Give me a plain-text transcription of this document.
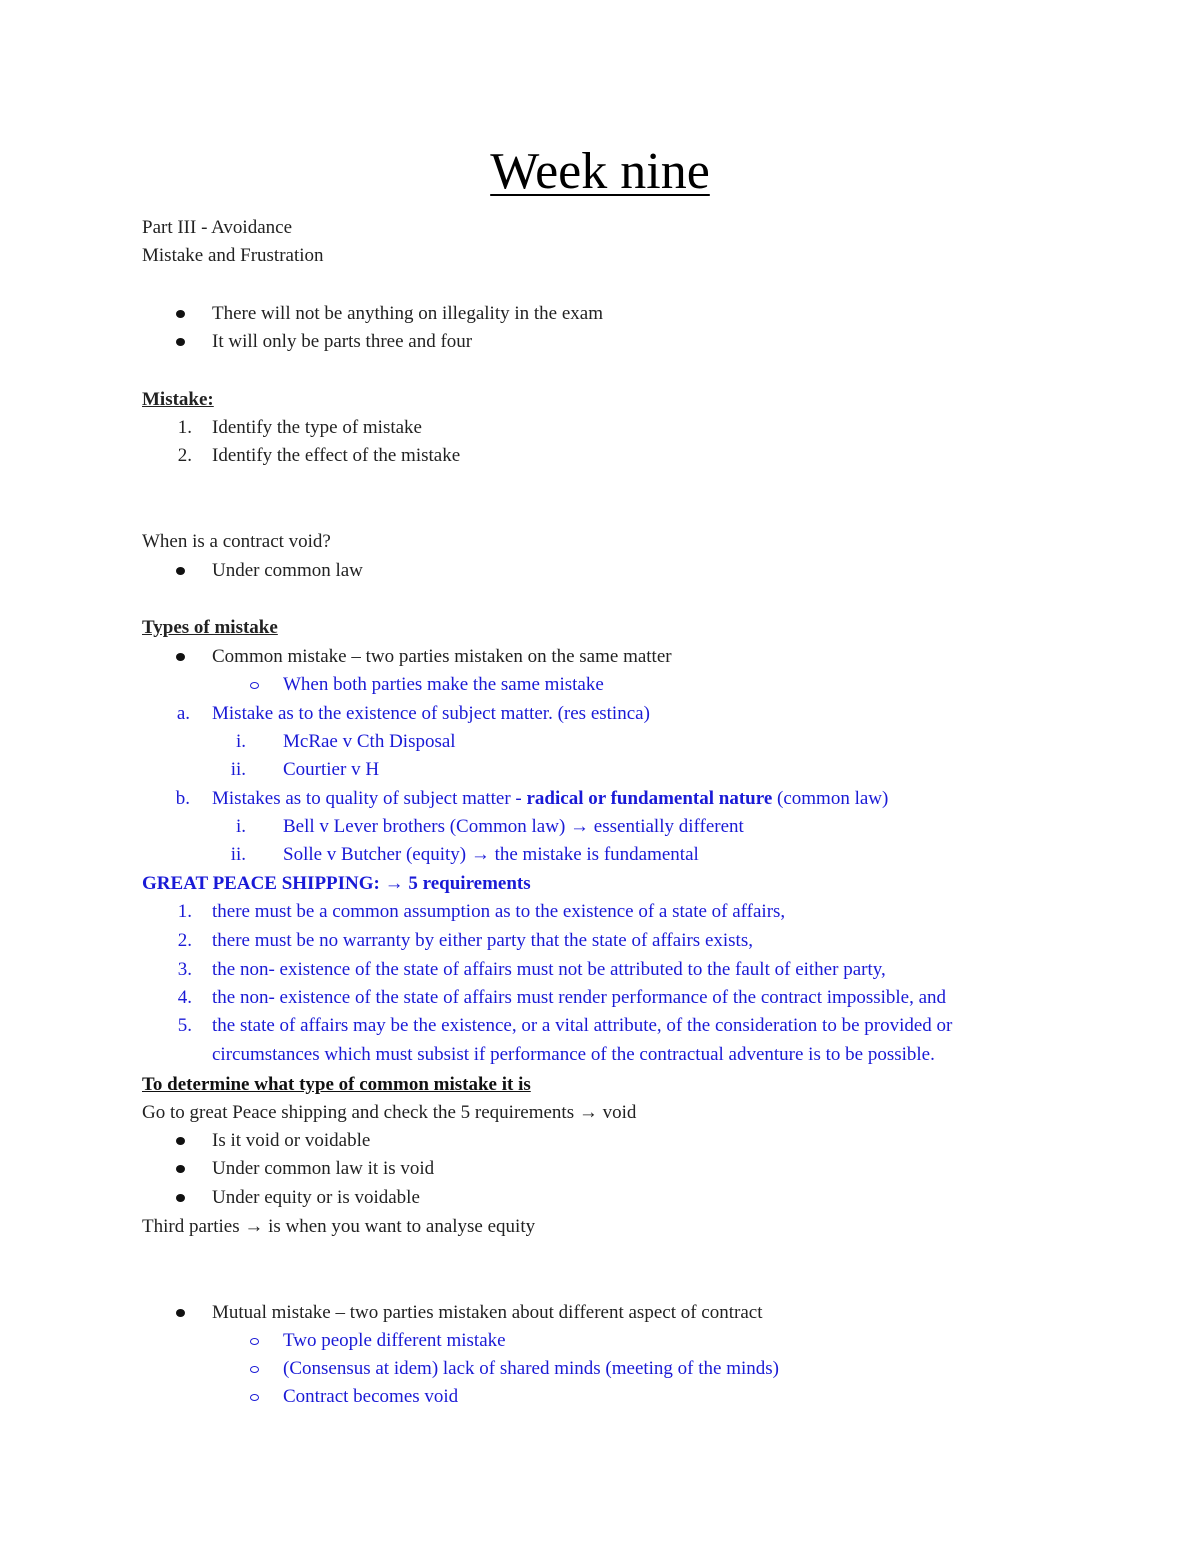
Week nine
Part III - Avoidance
Mistake and Frustration
There will not be anything on illegality in the exam
It will only be parts three and four
Mistake:
1. Identify the type of mistake
2. Identify the effect of the mistake
When is a contract void?
Under common law
Types of mistake
Common mistake – two parties mistaken on the same matter
When both parties make the same mistake
a. Mistake as to the existence of subject matter. (res estinca)
i. McRae v Cth Disposal
ii. Courtier v H
b. Mistakes as to quality of subject matter - radical or fundamental nature (common law)
i. Bell v Lever brothers (Common law) → essentially different
ii. Solle v Butcher (equity) → the mistake is fundamental
GREAT PEACE SHIPPING: → 5 requirements
1. there must be a common assumption as to the existence of a state of affairs,
2. there must be no warranty by either party that the state of affairs exists,
3. the non- existence of the state of affairs must not be attributed to the fault of either party,
4. the non- existence of the state of affairs must render performance of the contract impossible, and
5. the state of affairs may be the existence, or a vital attribute, of the consideration to be provided or
circumstances which must subsist if performance of the contractual adventure is to be possible.
To determine what type of common mistake it is
Go to great Peace shipping and check the 5 requirements → void
Is it void or voidable
Under common law it is void
Under equity or is voidable
Third parties → is when you want to analyse equity
Mutual mistake – two parties mistaken about different aspect of contract
Two people different mistake
(Consensus at idem) lack of shared minds (meeting of the minds)
Contract becomes void
